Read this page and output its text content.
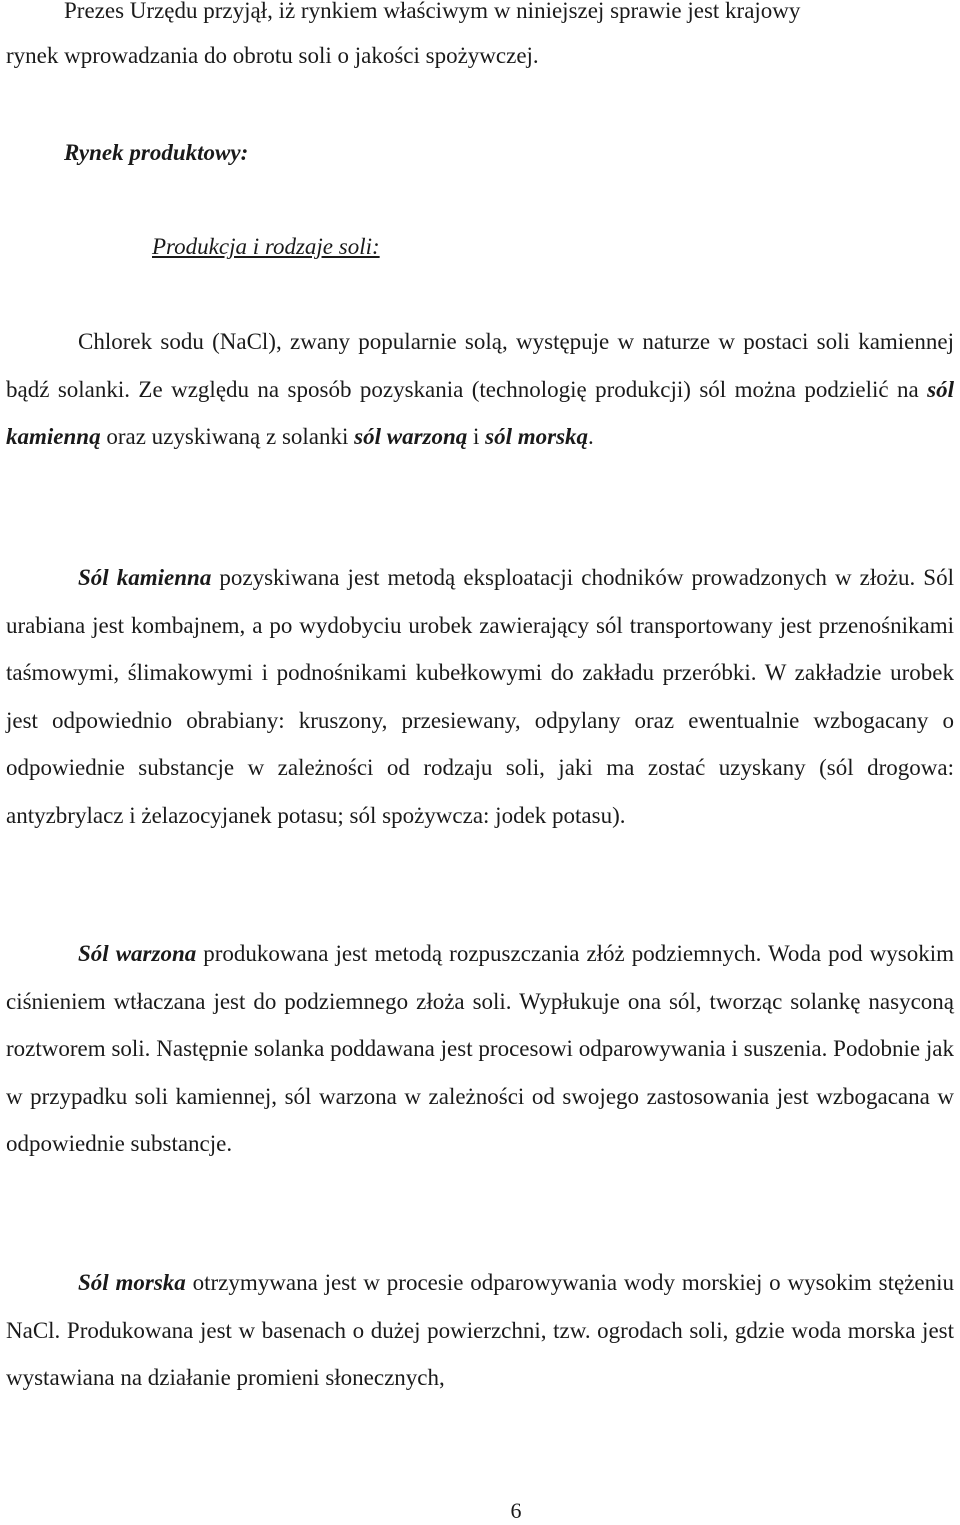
Prezes Urzędu przyjął, iż rynkiem właściwym w niniejszej sprawie jest krajowy
rynek wprowadzania do obrotu soli o jakości spożywczej.

Rynek produktowy:

Produkcja i rodzaje soli:

Chlorek sodu (NaCl), zwany popularnie solą, występuje w naturze w postaci soli kamiennej bądź solanki. Ze względu na sposób pozyskania (technologię produkcji) sól można podzielić na sól kamienną oraz uzyskiwaną z solanki sól warzoną i sól morską.

Sól kamienna pozyskiwana jest metodą eksploatacji chodników prowadzonych w złożu. Sól urabiana jest kombajnem, a po wydobyciu urobek zawierający sól transportowany jest przenośnikami taśmowymi, ślimakowymi i podnośnikami kubełkowymi do zakładu przeróbki. W zakładzie urobek jest odpowiednio obrabiany: kruszony, przesiewany, odpylany oraz ewentualnie wzbogacany o odpowiednie substancje w zależności od rodzaju soli, jaki ma zostać uzyskany (sól drogowa: antyzbrylacz i żelazocyjanek potasu; sól spożywcza: jodek potasu).

Sól warzona produkowana jest metodą rozpuszczania złóż podziemnych. Woda pod wysokim ciśnieniem wtłaczana jest do podziemnego złoża soli. Wypłukuje ona sól, tworząc solankę nasyconą roztworem soli. Następnie solanka poddawana jest procesowi odparowywania i suszenia. Podobnie jak w przypadku soli kamiennej, sól warzona w zależności od swojego zastosowania jest wzbogacana w odpowiednie substancje.

Sól morska otrzymywana jest w procesie odparowywania wody morskiej o wysokim stężeniu NaCl. Produkowana jest w basenach o dużej powierzchni, tzw. ogrodach soli, gdzie woda morska jest wystawiana na działanie promieni słonecznych,

6
